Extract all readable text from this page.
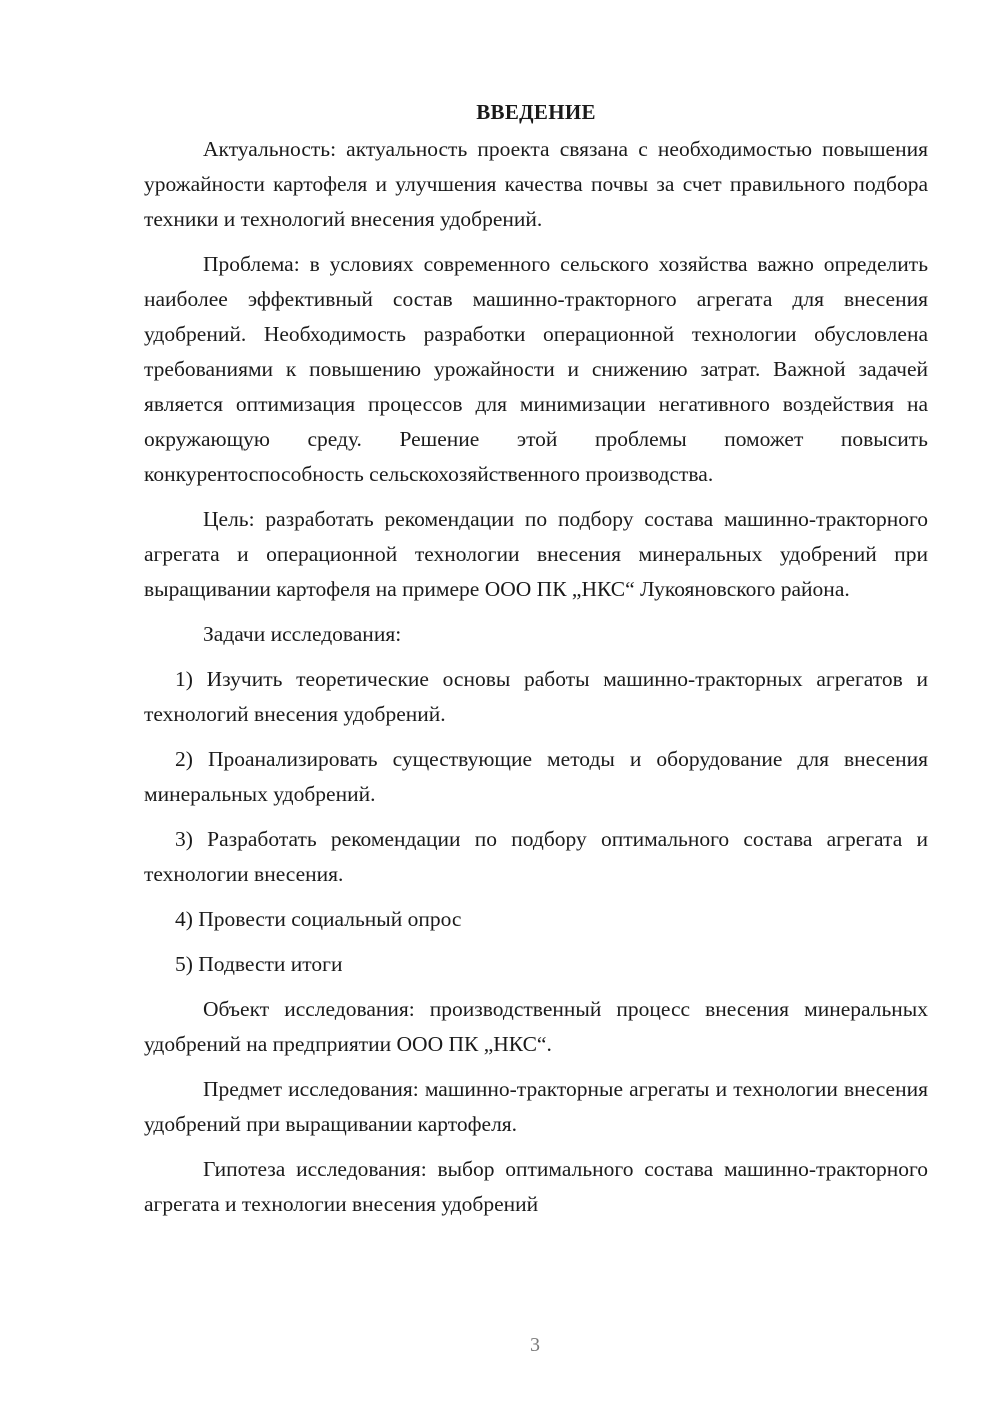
ВВЕДЕНИЕ

Актуальность: актуальность проекта связана с необходимостью повышения урожайности картофеля и улучшения качества почвы за счет правильного подбора техники и технологий внесения удобрений.

Проблема: в условиях современного сельского хозяйства важно определить наиболее эффективный состав машинно-тракторного агрегата для внесения удобрений. Необходимость разработки операционной технологии обусловлена требованиями к повышению урожайности и снижению затрат. Важной задачей является оптимизация процессов для минимизации негативного воздействия на окружающую среду. Решение этой проблемы поможет повысить конкурентоспособность сельскохозяйственного производства.

Цель: разработать рекомендации по подбору состава машинно-тракторного агрегата и операционной технологии внесения минеральных удобрений при выращивании картофеля на примере ООО ПК „НКС“ Лукояновского района.

Задачи исследования:

1) Изучить теоретические основы работы машинно-тракторных агрегатов и технологий внесения удобрений.

2) Проанализировать существующие методы и оборудование для внесения минеральных удобрений.

3) Разработать рекомендации по подбору оптимального состава агрегата и технологии внесения.

4) Провести социальный опрос

5) Подвести итоги

Объект исследования: производственный процесс внесения минеральных удобрений на предприятии ООО ПК „НКС“.

Предмет исследования: машинно-тракторные агрегаты и технологии внесения удобрений при выращивании картофеля.

Гипотеза исследования: выбор оптимального состава машинно-тракторного агрегата и технологии внесения удобрений

3
